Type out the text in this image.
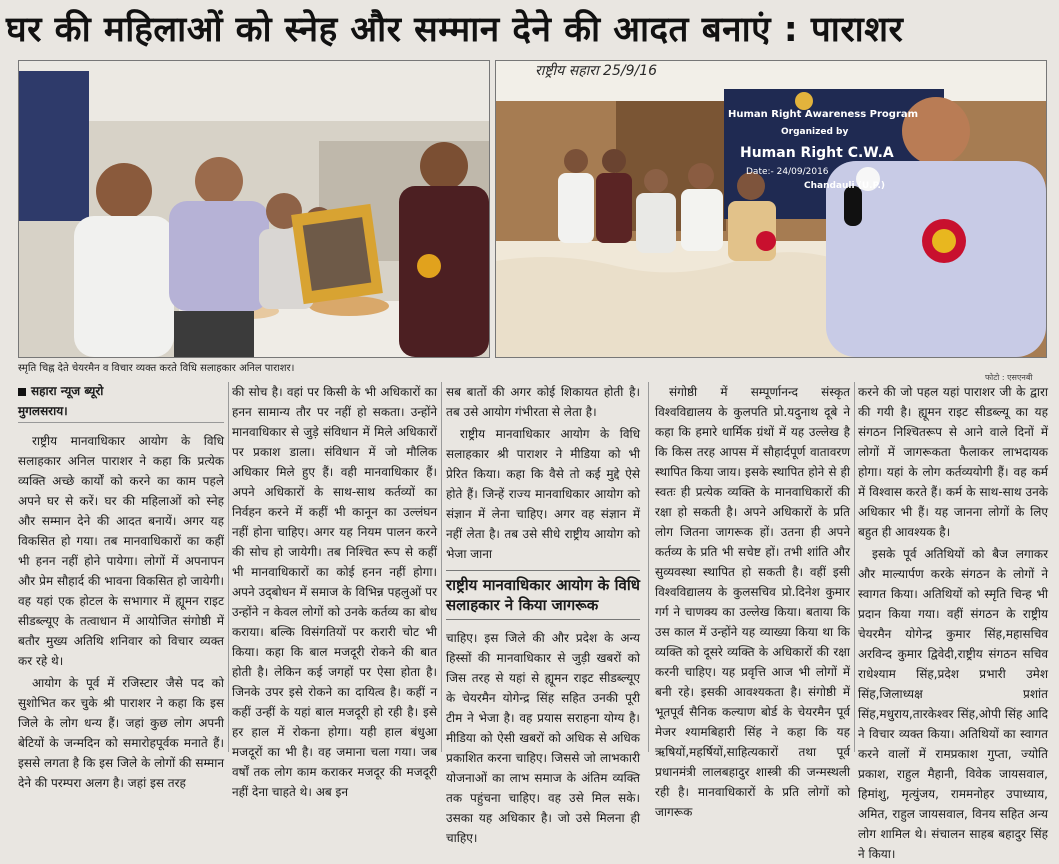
घर की महिलाओं को स्नेह और सम्मान देने की आदत बनाएं : पाराशर
Human Right Awareness Program
Organized by
Human Right C.W.A
Date:- 24/09/2016
Chandauli (U.P.)
राष्ट्रीय सहारा 25/9/16
स्मृति चिह्न देते चेयरमैन व विचार व्यक्त करते विधि सलाहकार अनिल पाराशर।
फोटो : एसएनबी
सहारा न्यूज ब्यूरो
मुगलसराय।

राष्ट्रीय मानवाधिकार आयोग के विधि सलाहकार अनिल पाराशर ने कहा कि प्रत्येक व्यक्ति अच्छे कार्यों को करने का काम पहले अपने घर से करें। घर की महिलाओं को स्नेह और सम्मान देने की आदत बनायें। अगर यह विकसित हो गया। तब मानवाधिकारों का कहीं भी हनन नहीं होने पायेगा। लोगों में अपनापन और प्रेम सौहार्द की भावना विकसित हो जायेगी। वह यहां एक होटल के सभागार में ह्यूमन राइट सीडब्ल्यूए के तत्वाधान में आयोजित संगोष्ठी में बतौर मुख्य अतिथि शनिवार को विचार व्यक्त कर रहे थे।

आयोग के पूर्व में रजिस्टार जैसे पद को सुशोभित कर चुके श्री पाराशर ने कहा कि इस जिले के लोग धन्य हैं। जहां कुछ लोग अपनी बेटियों के जन्मदिन को समारोहपूर्वक मनाते हैं। इससे लगता है कि इस जिले के लोगों की सम्मान देने की परम्परा अलग है। जहां इस तरह

की सोच है। वहां पर किसी के भी अधिकारों का हनन सामान्य तौर पर नहीं हो सकता। उन्होंने मानवाधिकार से जुड़े संविधान में मिले अधिकारों पर प्रकाश डाला। संविधान में जो मौलिक अधिकार मिले हुए हैं। वही मानवाधिकार हैं। अपने अधिकारों के साथ-साथ कर्तव्यों का निर्वहन करने में कहीं भी कानून का उल्लंघन नहीं होना चाहिए। अगर यह नियम पालन करने की सोच हो जायेगी। तब निश्चित रूप से कहीं भी मानवाधिकारों का कोई हनन नहीं होगा। अपने उद्‍बोधन में समाज के विभिन्न पहलुओं पर उन्होंने न केवल लोगों को उनके कर्तव्य का बोध कराया। बल्कि विसंगतियों पर करारी चोट भी किया। कहा कि बाल मजदूरी रोकने की बात होती है। लेकिन कई जगहों पर ऐसा होता है। जिनके उपर इसे रोकने का दायित्व है। कहीं न कहीं उन्हीं के यहां बाल मजदूरी हो रही है। इसे हर हाल में रोकना होगा। यही हाल बंधुआ मजदूरों का भी है। वह जमाना चला गया। जब वर्षों तक लोग काम कराकर मजदूर की मजदूरी नहीं देना चाहते थे। अब इन

सब बातों की अगर कोई शिकायत होती है। तब उसे आयोग गंभीरता से लेता है।

राष्ट्रीय मानवाधिकार आयोग के विधि सलाहकार श्री पाराशर ने मीडिया को भी प्रेरित किया। कहा कि वैसे तो कई मुद्दे ऐसे होते हैं। जिन्हें राज्य मानवाधिकार आयोग को संज्ञान में लेना चाहिए। अगर वह संज्ञान में नहीं लेता है। तब उसे सीधे राष्ट्रीय आयोग को भेजा जाना

राष्ट्रीय मानवाधिकार आयोग के विधि सलाहकार ने किया जागरूक

चाहिए। इस जिले की और प्रदेश के अन्य हिस्सों की मानवाधिकार से जुड़ी खबरों को जिस तरह से यहां से ह्यूमन राइट सीडब्ल्यूए के चेयरमैन योगेन्द्र सिंह सहित उनकी पूरी टीम ने भेजा है। वह प्रयास सराहना योग्य है। मीडिया को ऐसी खबरों को अधिक से अधिक प्रकाशित करना चाहिए। जिससे जो लाभकारी योजनाओं का लाभ समाज के अंतिम व्यक्ति तक पहुंचना चाहिए। वह उसे मिल सके। उसका यह अधिकार है। जो उसे मिलना ही चाहिए।

संगोष्ठी में सम्पूर्णानन्द संस्कृत विश्वविद्यालय के कुलपति प्रो.यदुनाथ दूबे ने कहा कि हमारे धार्मिक ग्रंथों में यह उल्लेख है कि किस तरह आपस में सौहार्दपूर्ण वातावरण स्थापित किया जाय। इसके स्थापित होने से ही स्वतः ही प्रत्येक व्यक्ति के मानवाधिकारों की रक्षा हो सकती है। अपने अधिकारों के प्रति लोग जितना जागरूक हों। उतना ही अपने कर्तव्य के प्रति भी सचेष्ट हों। तभी शांति और सुव्यवस्था स्थापित हो सकती है। वहीं इसी विश्वविद्यालय के कुलसचिव प्रो.दिनेश कुमार गर्ग ने चाणक्य का उल्लेख किया। बताया कि उस काल में उन्होंने यह व्याख्या किया था कि व्यक्ति को दूसरे व्यक्ति के अधिकारों की रक्षा करनी चाहिए। यह प्रवृत्ति आज भी लोगों में बनी रहे। इसकी आवश्यकता है। संगोष्ठी में भूतपूर्व सैनिक कल्याण बोर्ड के चेयरमैन पूर्व मेजर श्यामबिहारी सिंह ने कहा कि यह ऋषियों,महर्षियों,साहित्यकारों तथा पूर्व प्रधानमंत्री लालबहादुर शास्त्री की जन्मस्थली रही है। मानवाधिकारों के प्रति लोगों को जागरूक

करने की जो पहल यहां पाराशर जी के द्वारा की गयी है। ह्यूमन राइट सीडब्ल्यू का यह संगठन निश्चितरूप से आने वाले दिनों में लोगों में जागरूकता फैलाकर लाभदायक होगा। यहां के लोग कर्तव्ययोगी हैं। वह कर्म में विश्वास करते हैं। कर्म के साथ-साथ उनके अधिकार भी हैं। यह जानना लोगों के लिए बहुत ही आवश्यक है।

इसके पूर्व अतिथियों को बैज लगाकर और माल्यार्पण करके संगठन के लोगों ने स्वागत किया। अतिथियों को स्मृति चिन्ह भी प्रदान किया गया। वहीं संगठन के राष्ट्रीय चेयरमैन योगेन्द्र कुमार सिंह,महासचिव अरविन्द कुमार द्विवेदी,राष्ट्रीय संगठन सचिव राधेश्याम सिंह,प्रदेश प्रभारी उमेश सिंह,जिलाध्यक्ष प्रशांत सिंह,मधुराय,तारकेश्वर सिंह,ओपी सिंह आदि ने विचार व्यक्त किया। अतिथियों का स्वागत करने वालों में रामप्रकाश गुप्ता, ज्योति प्रकाश, राहुल मैहानी, विवेक जायसवाल, हिमांशु, मृत्युंजय, राममनोहर उपाध्याय, अमित, राहुल जायसवाल, विनय सहित अन्य लोग शामिल थे। संचालन साहब बहादुर सिंह ने किया।
